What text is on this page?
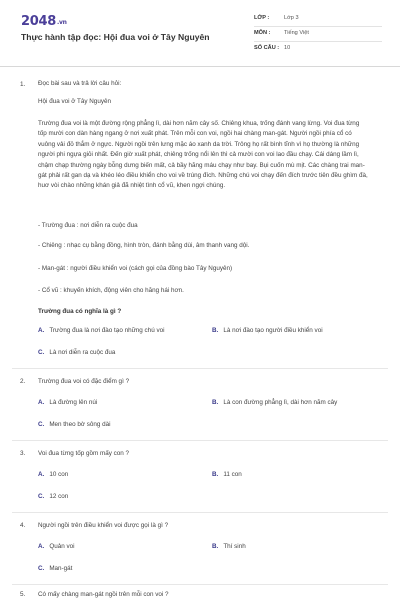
2048.vn
Thực hành tập đọc: Hội đua voi ở Tây Nguyên
LỚP :	Lớp 3
MÔN : Tiếng Việt
SỐ CÂU : 10
1. Đọc bài sau và trả lời câu hỏi:
Hội đua voi ở Tây Nguyên
Trường đua voi là một đường rộng phẳng lì, dài hơn năm cây số. Chiêng khua, trống đánh vang lừng. Voi đua từng tốp mười con dàn hàng ngang ở nơi xuất phát. Trên mỗi con voi, ngồi hai chàng man-gát. Người ngồi phía cổ có vuông vải đỏ thắm ở ngực. Người ngồi trên lưng mặc áo xanh da trời. Trông họ rất bình tĩnh vì họ thường là những người phi ngựa giỏi nhất. Đến giờ xuất phát, chiêng trống nổi lên thì cả mười con voi lao đầu chạy. Cái dáng lầm lì, chậm chạp thường ngày bỗng dưng biến mất, cả bầy hăng máu chạy như bay. Bụi cuốn mù mịt. Các chàng trai man-gát phải rất gan dạ và khéo léo điều khiển cho voi về trúng đích. Những chú voi chạy đến đích trước tiên đều ghìm đà, huơ vòi chào những khán giả đã nhiệt tình cổ vũ, khen ngợi chúng.
- Trường đua : nơi diễn ra cuộc đua
- Chiêng : nhạc cụ bằng đồng, hình tròn, đánh bằng dùi, âm thanh vang dội.
- Man-gát : người điều khiển voi (cách gọi của đồng bào Tây Nguyên)
- Cổ vũ : khuyến khích, động viên cho hăng hái hơn.
Trường đua có nghĩa là gì ?
A. Trường đua là nơi đào tạo những chú voi	B. Là nơi đào tạo người điều khiển voi
C. Là nơi diễn ra cuộc đua
2. Trường đua voi có đặc điểm gì ?
A. Là đường lên núi	B. Là con đường phẳng lì, dài hơn năm cây
C. Men theo bờ sông dài
3. Voi đua từng tốp gồm mấy con ?
A. 10 con	B. 11 con
C. 12 con
4. Người ngồi trên điều khiển voi được gọi là gì ?
A. Quản voi	B. Thí sinh
C. Man-gát
5. Có mấy chàng man-gát ngồi trên mỗi con voi ?
